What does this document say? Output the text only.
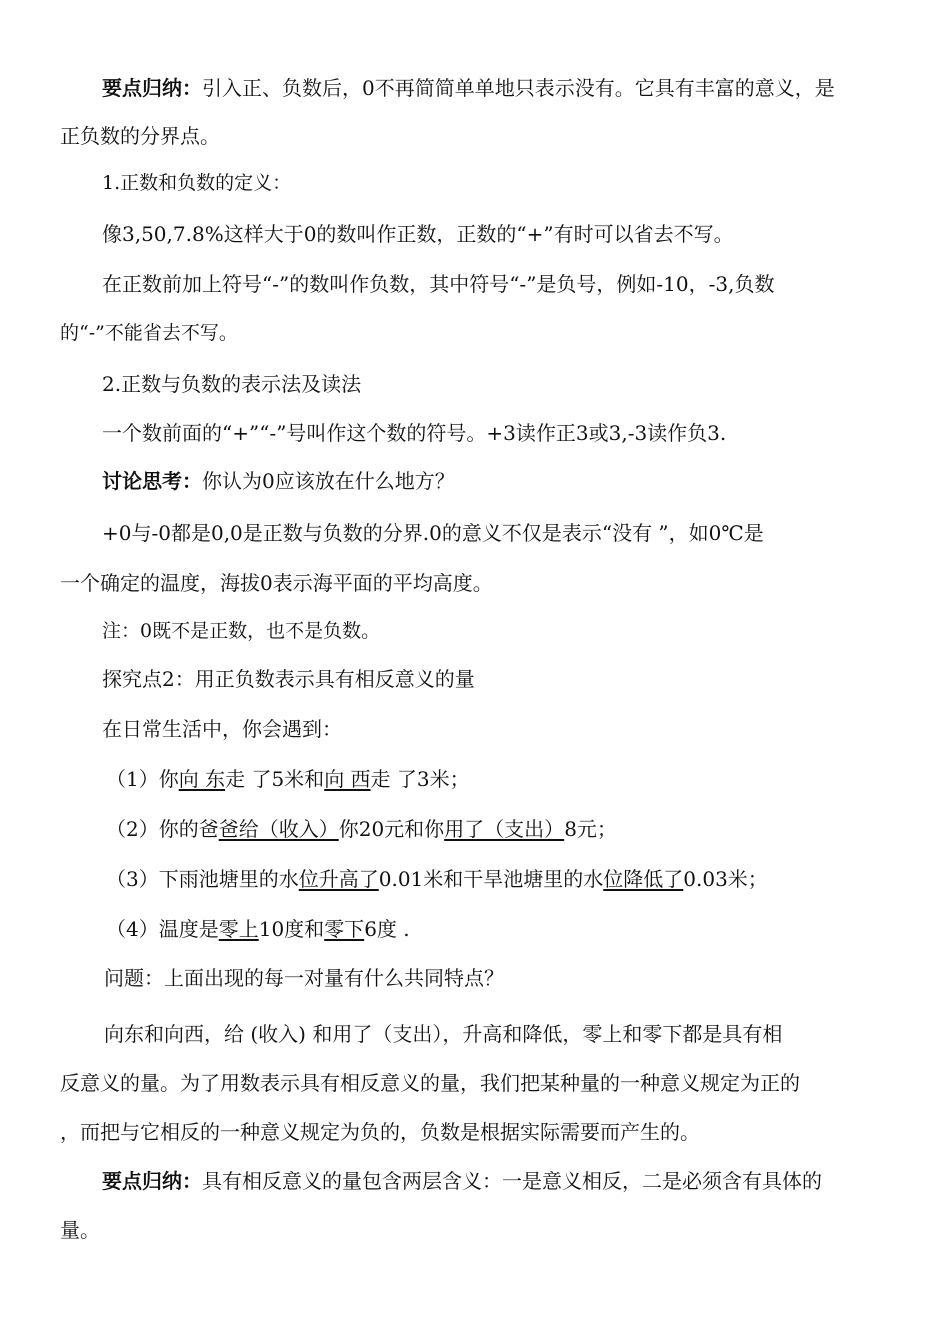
要点归纳：引入正、负数后，0不再简简单单地只表示没有。它具有丰富的意义，是

正负数的分界点。

1.正数和负数的定义：

像3,50,7.8%这样大于0的数叫作正数，正数的“+”有时可以省去不写。

在正数前加上符号“-”的数叫作负数，其中符号“-”是负号，例如-10，-3,负数

的“-”不能省去不写。

2.正数与负数的表示法及读法

一个数前面的“+”“-”号叫作这个数的符号。+3读作正3或3,-3读作负3.

讨论思考：你认为0应该放在什么地方？

+0与-0都是0,0是正数与负数的分界.0的意义不仅是表示“没有 ”，如0℃是

一个确定的温度，海拔0表示海平面的平均高度。

注：0既不是正数，也不是负数。

探究点2：用正负数表示具有相反意义的量

在日常生活中，你会遇到：

（1）你向 东走 了5米和向 西走 了3米；

（2）你的爸爸给（收入）你20元和你用了（支出）8元；

（3）下雨池塘里的水位升高了0.01米和干旱池塘里的水位降低了0.03米；

（4）温度是零上10度和零下6度 .

问题：上面出现的每一对量有什么共同特点？

向东和向西，给 (收入) 和用了（支出），升高和降低，零上和零下都是具有相

反意义的量。为了用数表示具有相反意义的量，我们把某种量的一种意义规定为正的

，而把与它相反的一种意义规定为负的，负数是根据实际需要而产生的。

要点归纳：具有相反意义的量包含两层含义：一是意义相反，二是必须含有具体的

量。
